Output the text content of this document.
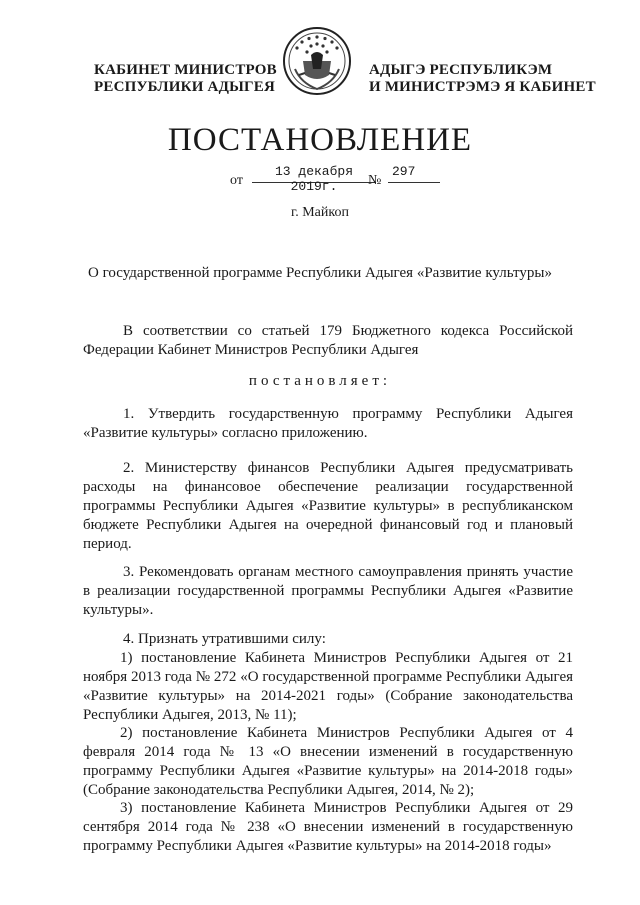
КАБИНЕТ МИНИСТРОВ
РЕСПУБЛИКИ АДЫГЕЯ
АДЫГЭ РЕСПУБЛИКЭМ
И МИНИСТРЭМЭ Я КАБИНЕТ
ПОСТАНОВЛЕНИЕ
от
13 декабря 2019г.	№
297
г. Майкоп
О государственной программе Республики Адыгея «Развитие культуры»

В соответствии со статьей 179 Бюджетного кодекса Российской Федерации Кабинет Министров Республики Адыгея

постановляет:

1. Утвердить государственную программу Республики Адыгея «Развитие культуры» согласно приложению.

2. Министерству финансов Республики Адыгея предусматривать расходы на финансовое обеспечение реализации государственной программы Республики Адыгея «Развитие культуры» в республиканском бюджете Республики Адыгея на очередной финансовый год и плановый период.

3. Рекомендовать органам местного самоуправления принять участие в реализации государственной программы Республики Адыгея «Развитие культуры».

4. Признать утратившими силу:

1) постановление Кабинета Министров Республики Адыгея от 21 ноября 2013 года № 272 «О государственной программе Республики Адыгея «Развитие культуры» на 2014-2021 годы» (Собрание законодательства Республики Адыгея, 2013, № 11);

2) постановление Кабинета Министров Республики Адыгея от 4 февраля 2014 года № 13 «О внесении изменений в государственную программу Республики Адыгея «Развитие культуры» на 2014-2018 годы» (Собрание законодательства Республики Адыгея, 2014, № 2);

3) постановление Кабинета Министров Республики Адыгея от 29 сентября 2014 года № 238 «О внесении изменений в государственную программу Республики Адыгея «Развитие культуры» на 2014-2018 годы»
